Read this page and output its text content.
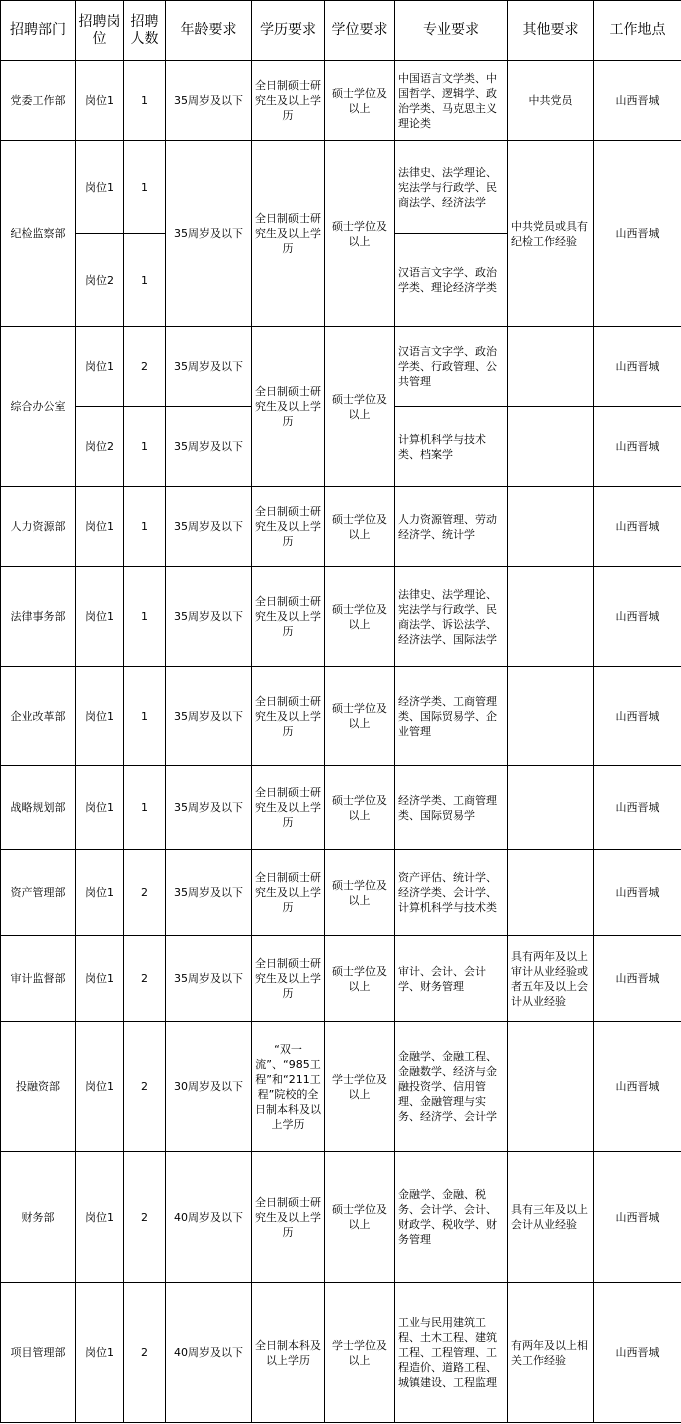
招聘部门	招聘岗位	招聘人数	年龄要求	学历要求	学位要求	专业要求	其他要求	工作地点
党委工作部	岗位1	1	35周岁及以下	全日制硕士研究生及以上学历	硕士学位及以上	中国语言文学类、中国哲学、逻辑学、政治学类、马克思主义理论类	中共党员	山西晋城
纪检监察部	岗位1	1	35周岁及以下	全日制硕士研究生及以上学历	硕士学位及以上	法律史、法学理论、宪法学与行政学、民商法学、经济法学	中共党员或具有纪检工作经验	山西晋城
	岗位2	1				汉语言文字学、政治学类、理论经济学类		
综合办公室	岗位1	2	35周岁及以下	全日制硕士研究生及以上学历	硕士学位及以上	汉语言文字学、政治学类、行政管理、公共管理		山西晋城
	岗位2	1	35周岁及以下			计算机科学与技术类、档案学		山西晋城
人力资源部	岗位1	1	35周岁及以下	全日制硕士研究生及以上学历	硕士学位及以上	人力资源管理、劳动经济学、统计学		山西晋城
法律事务部	岗位1	1	35周岁及以下	全日制硕士研究生及以上学历	硕士学位及以上	法律史、法学理论、宪法学与行政学、民商法学、诉讼法学、经济法学、国际法学		山西晋城
企业改革部	岗位1	1	35周岁及以下	全日制硕士研究生及以上学历	硕士学位及以上	经济学类、工商管理类、国际贸易学、企业管理		山西晋城
战略规划部	岗位1	1	35周岁及以下	全日制硕士研究生及以上学历	硕士学位及以上	经济学类、工商管理类、国际贸易学		山西晋城
资产管理部	岗位1	2	35周岁及以下	全日制硕士研究生及以上学历	硕士学位及以上	资产评估、统计学、经济学类、会计学、计算机科学与技术类		山西晋城
审计监督部	岗位1	2	35周岁及以下	全日制硕士研究生及以上学历	硕士学位及以上	审计、会计、会计学、财务管理	具有两年及以上审计从业经验或者五年及以上会计从业经验	山西晋城
投融资部	岗位1	2	30周岁及以下	“双一流”、“985工程”和“211工程”院校的全日制本科及以上学历	学士学位及以上	金融学、金融工程、金融数学、经济与金融投资学、信用管理、金融管理与实务、经济学、会计学		山西晋城
财务部	岗位1	2	40周岁及以下	全日制硕士研究生及以上学历	硕士学位及以上	金融学、金融、税务、会计学、会计、财政学、税收学、财务管理	具有三年及以上会计从业经验	山西晋城
项目管理部	岗位1	2	40周岁及以下	全日制本科及以上学历	学士学位及以上	工业与民用建筑工程、土木工程、建筑工程、工程管理、工程造价、道路工程、城镇建设、工程监理	有两年及以上相关工作经验	山西晋城
